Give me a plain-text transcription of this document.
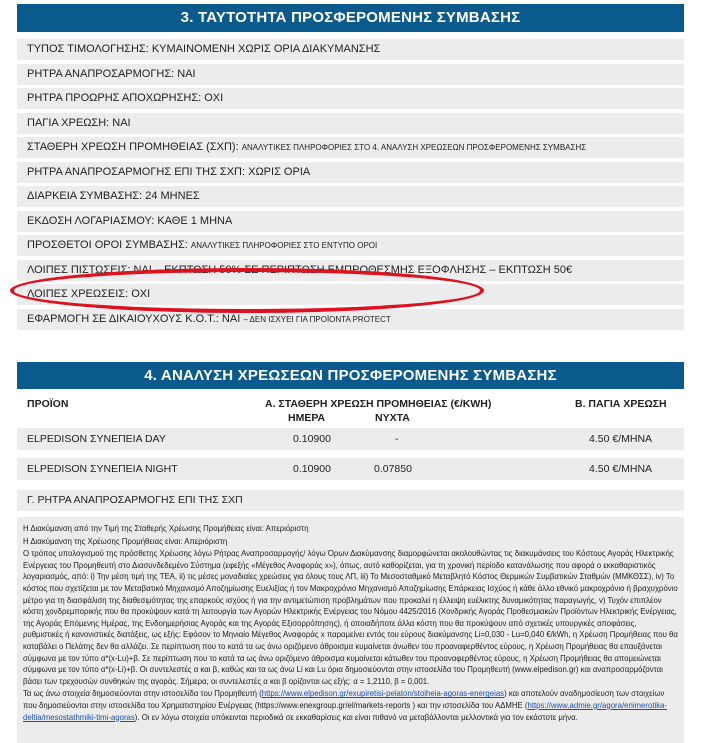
3. ΤΑΥΤΟΤΗΤΑ ΠΡΟΣΦΕΡΟΜΕΝΗΣ ΣΥΜΒΑΣΗΣ
ΤΥΠΟΣ ΤΙΜΟΛΟΓΗΣΗΣ: ΚΥΜΑΙΝΟΜΕΝΗ ΧΩΡΙΣ ΟΡΙΑ ΔΙΑΚΥΜΑΝΣΗΣ
ΡΗΤΡΑ ΑΝΑΠΡΟΣΑΡΜΟΓΗΣ: ΝΑΙ
ΡΗΤΡΑ ΠΡΟΩΡΗΣ ΑΠΟΧΩΡΗΣΗΣ: ΟΧΙ
ΠΑΓΙΑ ΧΡΕΩΣΗ: ΝΑΙ
ΣΤΑΘΕΡΗ ΧΡΕΩΣΗ ΠΡΟΜΗΘΕΙΑΣ (ΣΧΠ): ΑΝΑΛΥΤΙΚΕΣ ΠΛΗΡΟΦΟΡΙΕΣ ΣΤΟ 4. ΑΝΑΛΥΣΗ ΧΡΕΩΣΕΩΝ ΠΡΟΣΦΕΡΟΜΕΝΗΣ ΣΥΜΒΑΣΗΣ
ΡΗΤΡΑ ΑΝΑΠΡΟΣΑΡΜΟΓΗΣ ΕΠΙ ΤΗΣ ΣΧΠ: ΧΩΡΙΣ ΟΡΙΑ
ΔΙΑΡΚΕΙΑ ΣΥΜΒΑΣΗΣ: 24 ΜΗΝΕΣ
ΕΚΔΟΣΗ ΛΟΓΑΡΙΑΣΜΟΥ: ΚΑΘΕ 1 ΜΗΝΑ
ΠΡΟΣΘΕΤΟΙ ΟΡΟΙ ΣΥΜΒΑΣΗΣ: ΑΝΑΛΥΤΙΚΕΣ ΠΛΗΡΟΦΟΡΙΕΣ ΣΤΟ ΕΝΤΥΠΟ ΟΡΟΙ
ΛΟΙΠΕΣ ΠΙΣΤΩΣΕΙΣ: ΝΑΙ – ΕΚΠΤΩΣΗ 50% ΣΕ ΠΕΡΙΠΤΩΣΗ ΕΜΠΡΟΘΕΣΜΗΣ ΕΞΟΦΛΗΣΗΣ – ΕΚΠΤΩΣΗ 50€
ΛΟΙΠΕΣ ΧΡΕΩΣΕΙΣ: ΟΧΙ
ΕΦΑΡΜΟΓΗ ΣΕ ΔΙΚΑΙΟΥΧΟΥΣ Κ.Ο.Τ.: ΝΑΙ – ΔΕΝ ΙΣΧΥΕΙ ΓΙΑ ΠΡΟΪΟΝΤΑ PROTECT
4. ΑΝΑΛΥΣΗ ΧΡΕΩΣΕΩΝ ΠΡΟΣΦΕΡΟΜΕΝΗΣ ΣΥΜΒΑΣΗΣ
ΠΡΟΪΟΝ	Α. ΣΤΑΘΕΡΗ ΧΡΕΩΣΗ ΠΡΟΜΗΘΕΙΑΣ (€/KWH)
ΗΜΕΡΑ	ΝΥΧΤΑ
Β. ΠΑΓΙΑ ΧΡΕΩΣΗ
ELPEDISON ΣΥΝΕΠΕΙΑ DAY	0.10900	-	4.50 €/ΜΗΝΑ
ELPEDISON ΣΥΝΕΠΕΙΑ NIGHT	0.10900	0.07850	4.50 €/ΜΗΝΑ
Γ. ΡΗΤΡΑ ΑΝΑΠΡΟΣΑΡΜΟΓΗΣ ΕΠΙ ΤΗΣ ΣΧΠ

Η Διακύμανση από την Τιμή της Σταθερής Χρέωσης Προμήθειας είναι: Απεριόριστη

Η Διακύμανση της Χρέωσης Προμήθειας είναι: Απεριόριστη

Ο τρόπος υπολογισμού της πρόσθετης Χρέωσης λόγω Ρήτρας Αναπροσαρμογής/ λόγω Όρων Διακύμανσης διαμορφώνεται ακολουθώντας τις διακυμάνσεις του Κόστους Αγοράς Ηλεκτρικής Ενέργειας του Προμηθευτή στο Διασυνδεδεμένο Σύστημα (εφεξής «Μέγεθος Αναφοράς x»), όπως, αυτό καθορίζεται, για τη χρονική περίοδο κατανάλωσης που αφορά ο εκκαθαριστικός λογαριασμός, από: i) Την μέση τιμή της ΤΕΑ, ii) τις μέσες μοναδιαίες χρεώσεις για όλους τους ΛΠ, iii) Το Μεσοσταθμικό Μεταβλητό Κόστος Θερμικών Συμβατικών Σταθμών (ΜΜΚΘΣΣ), iv) Το κόστος που σχετίζεται με τον Μεταβατικό Μηχανισμό Αποζημίωσης Ευελιξίας ή τον Μακροχρόνιο Μηχανισμό Αποζημίωσης Επάρκειας Ισχύος ή κάθε άλλο εθνικό μακροχρόνιο ή βραχυχρόνιο μέτρο για τη διασφάλιση της διαθεσιμότητας της επαρκούς ισχύος ή για την αντιμετώπιση προβλημάτων που προκαλεί η έλλειψη ευέλικτης δυναμικότητας παραγωγής, v) Τυχόν επιπλέον κόστη χονδρεμπορικής που θα προκύψουν κατά τη λειτουργία των Αγορών Ηλεκτρικής Ενέργειας του Νόμου 4425/2016 (Χονδρικής Αγοράς Προθεσμιακών Προϊόντων Ηλεκτρικής Ενέργειας, της Αγοράς Επόμενης Ημέρας, της Ενδοημερήσιας Αγοράς και της Αγοράς Εξισορρόπησης), ή οποιαδήποτε άλλα κόστη που θα προκύψουν από σχετικές υπουργικές αποφάσεις, ρυθμιστικές ή κανονιστικές διατάξεις, ως εξής: Εφόσον το Μηνιαίο Μέγεθος Αναφοράς x παραμείνει εντός του εύρους διακύμανσης Li=0,030 - Lu=0,040 €/kWh, η Χρέωση Προμήθειας που θα καταβάλει ο Πελάτης δεν θα αλλάζει. Σε περίπτωση που το κατά τα ως άνω οριζόμενο άθροισμα κυμαίνεται άνωθεν του προαναφερθέντος εύρους, η Χρέωση Προμήθειας θα επαυξάνεται σύμφωνα με τον τύπο α*(x-Lu)+β. Σε περίπτωση που το κατά τα ως άνω οριζόμενο άθροισμα κυμαίνεται κάτωθεν του προαναφερθέντος εύρους, η Χρέωση Προμήθειας θα απομειώνεται σύμφωνα με τον τύπο α*(x-Li)+β. Οι συντελεστές α και β, καθώς και τα ως άνω Li και Lu όρια δημοσιεύονται στην ιστοσελίδα του Προμηθευτή (www.elpedison.gr) και αναπροσαρμόζονται βάσει των τρεχουσών συνθηκών της αγοράς. Σήμερα, οι συντελεστές α και β ορίζονται ως εξής: α = 1,2110, β = 0,001.

Τα ως άνω στοιχεία δημοσιεύονται στην ιστοσελίδα του Προμηθευτή (https://www.elpedison.gr/exupiretisi-pelaton/stoiheia-agoras-energeias) και αποτελούν αναδημοσίευση των στοιχείων που δημοσιεύονται στην ιστοσελίδα του Χρηματιστηρίου Ενέργειας (https://www.enexgroup.gr/el/markets-reports ) και την ιστοσελίδα του ΑΔΜΗΕ (https://www.admie.gr/agora/enimerotika-deltia/mesostathmiki-timi-agoras). Οι εν λόγω στοιχεία υπόκεινται περιοδικά σε εκκαθαρίσεις και είναι πιθανό να μεταβάλλονται μελλοντικά για τον εκάστοτε μήνα.
